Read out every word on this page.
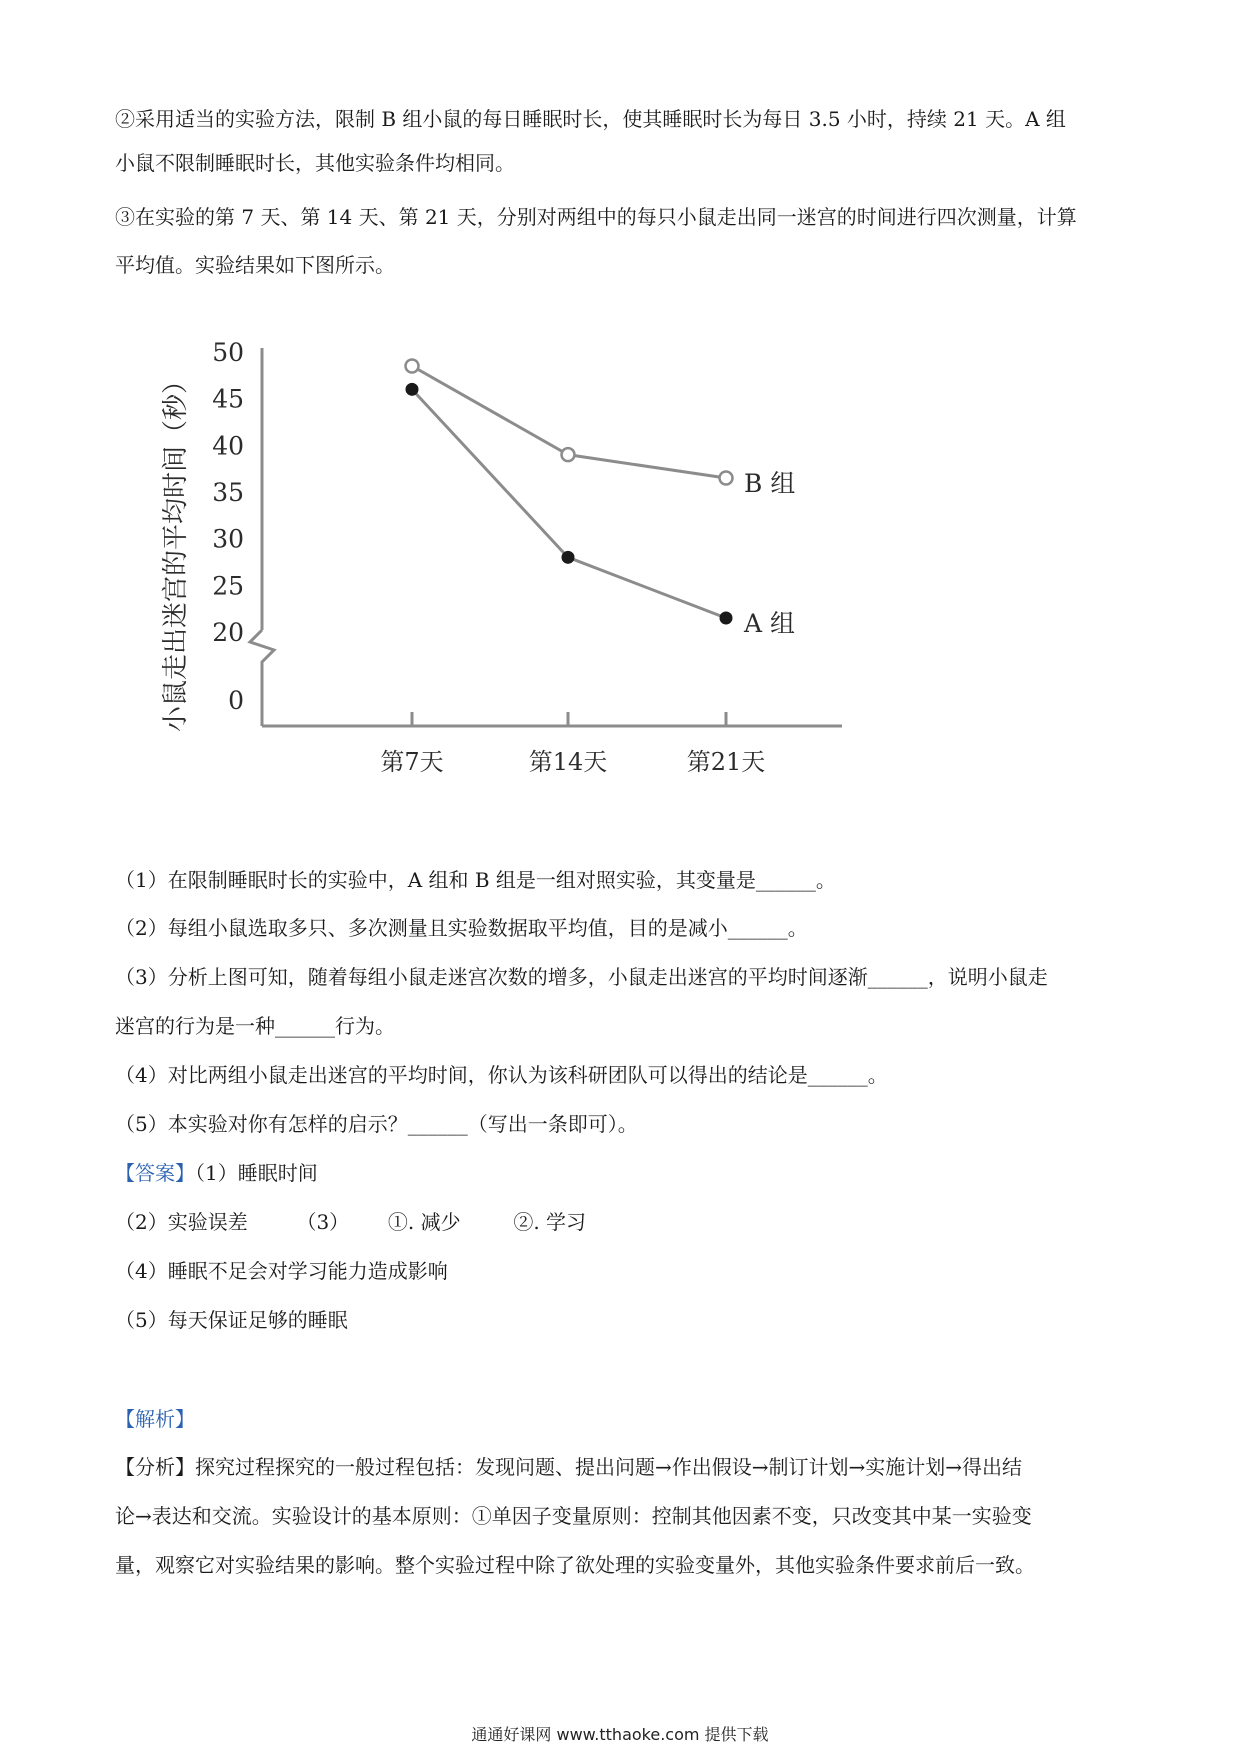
②采用适当的实验方法，限制 B 组小鼠的每日睡眠时长，使其睡眠时长为每日 3.5 小时，持续 21 天。A 组
小鼠不限制睡眠时长，其他实验条件均相同。
③在实验的第 7 天、第 14 天、第 21 天，分别对两组中的每只小鼠走出同一迷宫的时间进行四次测量，计算
平均值。实验结果如下图所示。
小鼠走出迷宫的平均时间（秒） 0
20
25
30
35
40
45
50
第7天	第14天	第21天
B 组
A 组
（1）在限制睡眠时长的实验中，A 组和 B 组是一组对照实验，其变量是______。
（2）每组小鼠选取多只、多次测量且实验数据取平均值，目的是减小______。
（3）分析上图可知，随着每组小鼠走迷宫次数的增多，小鼠走出迷宫的平均时间逐渐______，说明小鼠走
迷宫的行为是一种______行为。
（4）对比两组小鼠走出迷宫的平均时间，你认为该科研团队可以得出的结论是______。
（5）本实验对你有怎样的启示？______（写出一条即可）。
【答案】（1）睡眠时间
（2）实验误差 （3） ①. 减少	②. 学习
（4）睡眠不足会对学习能力造成影响
（5）每天保证足够的睡眠
【解析】
【分析】探究过程探究的一般过程包括：发现问题、提出问题→作出假设→制订计划→实施计划→得出结
论→表达和交流。实验设计的基本原则：①单因子变量原则：控制其他因素不变，只改变其中某一实验变
量，观察它对实验结果的影响。整个实验过程中除了欲处理的实验变量外，其他实验条件要求前后一致。
通通好课网 www.tthaoke.com 提供下载
